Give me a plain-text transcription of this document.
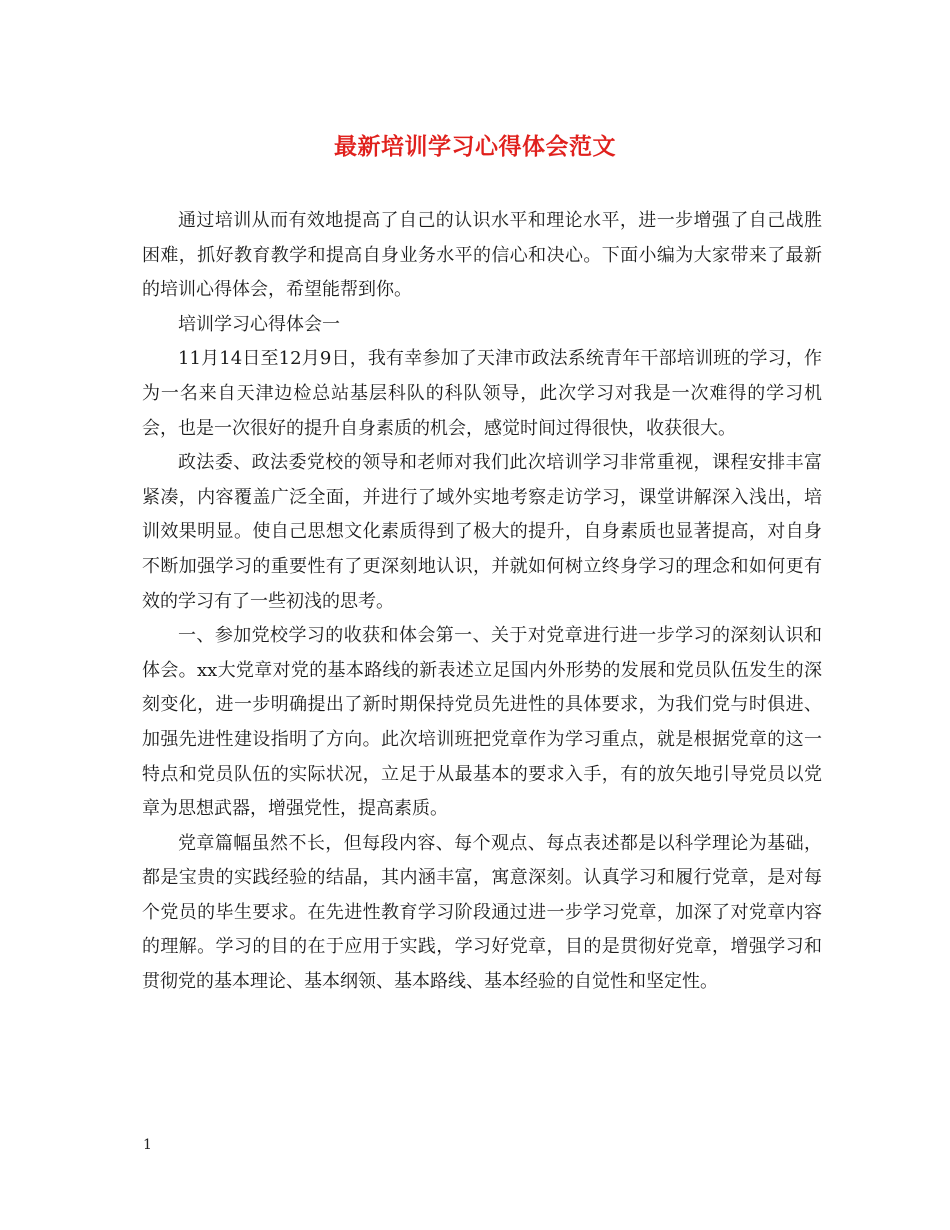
最新培训学习心得体会范文

通过培训从而有效地提高了自己的认识水平和理论水平，进一步增强了自己战胜困难，抓好教育教学和提高自身业务水平的信心和决心。下面小编为大家带来了最新的培训心得体会，希望能帮到你。

培训学习心得体会一

11月14日至12月9日，我有幸参加了天津市政法系统青年干部培训班的学习，作为一名来自天津边检总站基层科队的科队领导，此次学习对我是一次难得的学习机会，也是一次很好的提升自身素质的机会，感觉时间过得很快，收获很大。

政法委、政法委党校的领导和老师对我们此次培训学习非常重视，课程安排丰富紧凑，内容覆盖广泛全面，并进行了域外实地考察走访学习，课堂讲解深入浅出，培训效果明显。使自己思想文化素质得到了极大的提升，自身素质也显著提高，对自身不断加强学习的重要性有了更深刻地认识，并就如何树立终身学习的理念和如何更有效的学习有了一些初浅的思考。

一、参加党校学习的收获和体会第一、关于对党章进行进一步学习的深刻认识和体会。xx大党章对党的基本路线的新表述立足国内外形势的发展和党员队伍发生的深刻变化，进一步明确提出了新时期保持党员先进性的具体要求，为我们党与时俱进、加强先进性建设指明了方向。此次培训班把党章作为学习重点，就是根据党章的这一特点和党员队伍的实际状况，立足于从最基本的要求入手，有的放矢地引导党员以党章为思想武器，增强党性，提高素质。

党章篇幅虽然不长，但每段内容、每个观点、每点表述都是以科学理论为基础，都是宝贵的实践经验的结晶，其内涵丰富，寓意深刻。认真学习和履行党章，是对每个党员的毕生要求。在先进性教育学习阶段通过进一步学习党章，加深了对党章内容的理解。学习的目的在于应用于实践，学习好党章，目的是贯彻好党章，增强学习和贯彻党的基本理论、基本纲领、基本路线、基本经验的自觉性和坚定性。

1
